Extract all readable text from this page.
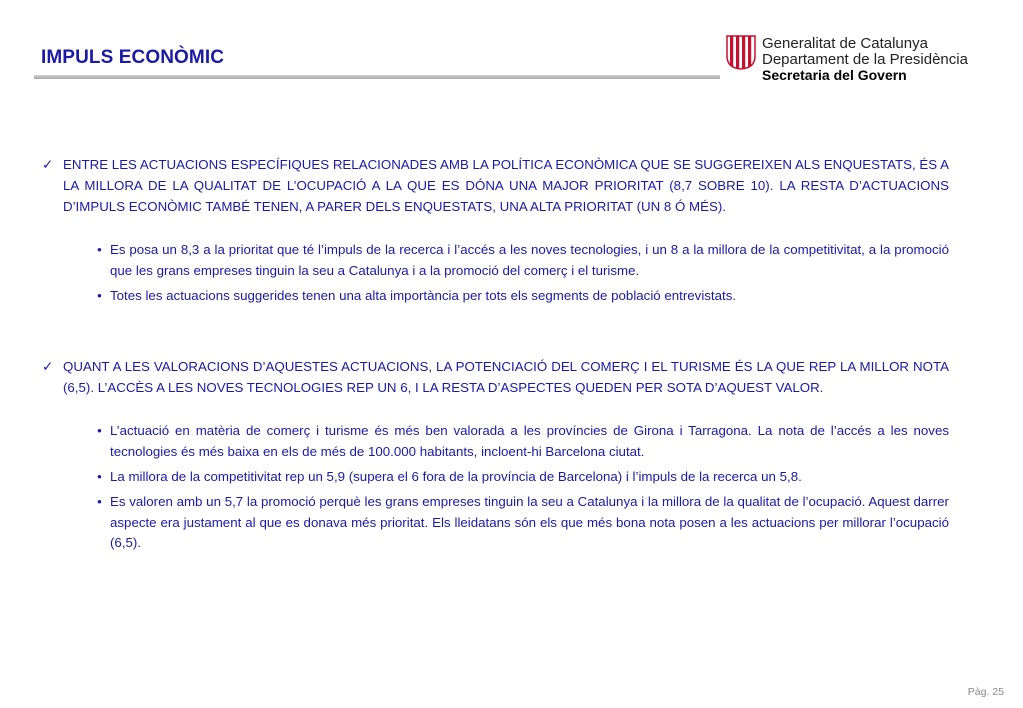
IMPULS ECONÒMIC
Generalitat de Catalunya
Departament de la Presidència
Secretaria del Govern
✓ ENTRE LES ACTUACIONS ESPECÍFIQUES RELACIONADES AMB LA POLÍTICA ECONÒMICA QUE SE SUGGEREIXEN ALS ENQUESTATS, ÉS A LA MILLORA DE LA QUALITAT DE L’OCUPACIÓ A LA QUE ES DÓNA UNA MAJOR PRIORITAT (8,7 SOBRE 10). LA RESTA D’ACTUACIONS D’IMPULS ECONÒMIC TAMBÉ TENEN, A PARER DELS ENQUESTATS, UNA ALTA PRIORITAT (UN 8 Ó MÉS).
• Es posa un 8,3 a la prioritat que té l’impuls de la recerca i l’accés a les noves tecnologies, i un 8 a la millora de la competitivitat, a la promoció que les grans empreses tinguin la seu a Catalunya i a la promoció del comerç i el turisme.
• Totes les actuacions suggerides tenen una alta importància per tots els segments de població entrevistats.
✓ QUANT A LES VALORACIONS D’AQUESTES ACTUACIONS, LA POTENCIACIÓ DEL COMERÇ I EL TURISME ÉS LA QUE REP LA MILLOR NOTA (6,5). L’ACCÈS A LES NOVES TECNOLOGIES REP UN 6, I LA RESTA D’ASPECTES QUEDEN PER SOTA D’AQUEST VALOR.
• L’actuació en matèria de comerç i turisme és més ben valorada a les províncies de Girona i Tarragona. La nota de l’accés a les noves tecnologies és més baixa en els de més de 100.000 habitants, incloent-hi Barcelona ciutat.
• La millora de la competitivitat rep un 5,9 (supera el 6 fora de la província de Barcelona) i l’impuls de la recerca un 5,8.
• Es valoren amb un 5,7 la promoció perquè les grans empreses tinguin la seu a Catalunya i la millora de la qualitat de l’ocupació. Aquest darrer aspecte era justament al que es donava més prioritat. Els lleidatans són els que més bona nota posen a les actuacions per millorar l’ocupació (6,5).
Pàg. 25
